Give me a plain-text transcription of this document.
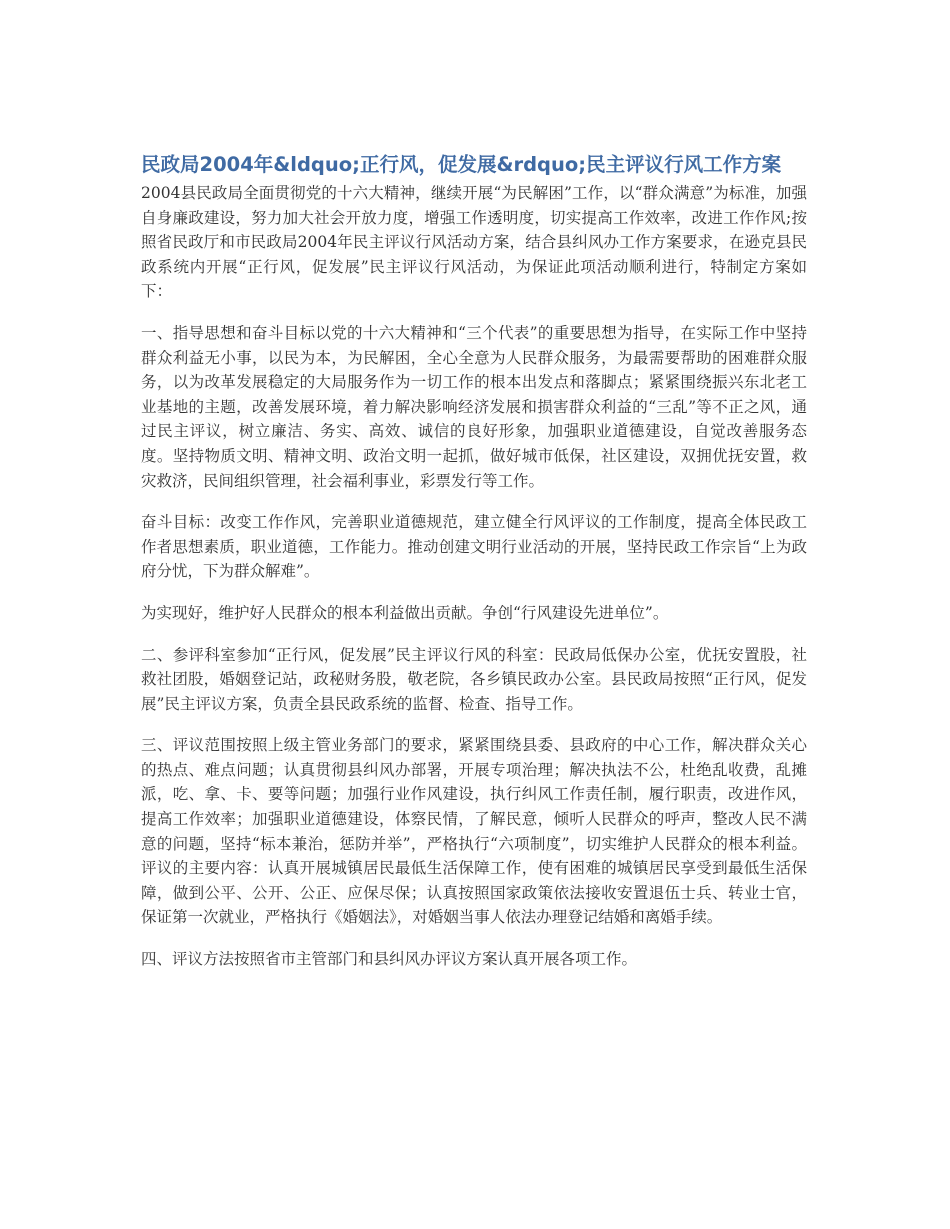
民政局2004年&ldquo;正行风，促发展&rdquo;民主评议行风工作方案

2004县民政局全面贯彻党的十六大精神，继续开展“为民解困”工作，以“群众满意”为标准，加强自身廉政建设，努力加大社会开放力度，增强工作透明度，切实提高工作效率，改进工作作风;按照省民政厅和市民政局2004年民主评议行风活动方案，结合县纠风办工作方案要求，在逊克县民政系统内开展“正行风，促发展”民主评议行风活动，为保证此项活动顺利进行，特制定方案如下：

一、指导思想和奋斗目标以党的十六大精神和“三个代表”的重要思想为指导，在实际工作中坚持群众利益无小事，以民为本，为民解困，全心全意为人民群众服务，为最需要帮助的困难群众服务，以为改革发展稳定的大局服务作为一切工作的根本出发点和落脚点；紧紧围绕振兴东北老工业基地的主题，改善发展环境，着力解决影响经济发展和损害群众利益的“三乱”等不正之风，通过民主评议，树立廉洁、务实、高效、诚信的良好形象，加强职业道德建设，自觉改善服务态度。坚持物质文明、精神文明、政治文明一起抓，做好城市低保，社区建设，双拥优抚安置，救灾救济，民间组织管理，社会福利事业，彩票发行等工作。

奋斗目标：改变工作作风，完善职业道德规范，建立健全行风评议的工作制度，提高全体民政工作者思想素质，职业道德，工作能力。推动创建文明行业活动的开展，坚持民政工作宗旨“上为政府分忧，下为群众解难”。

为实现好，维护好人民群众的根本利益做出贡献。争创“行风建设先进单位”。

二、参评科室参加“正行风，促发展”民主评议行风的科室：民政局低保办公室，优抚安置股，社救社团股，婚姻登记站，政秘财务股，敬老院，各乡镇民政办公室。县民政局按照“正行风，促发展”民主评议方案，负责全县民政系统的监督、检查、指导工作。

三、评议范围按照上级主管业务部门的要求，紧紧围绕县委、县政府的中心工作，解决群众关心的热点、难点问题；认真贯彻县纠风办部署，开展专项治理；解决执法不公，杜绝乱收费，乱摊派，吃、拿、卡、要等问题；加强行业作风建设，执行纠风工作责任制，履行职责，改进作风，提高工作效率；加强职业道德建设，体察民情，了解民意，倾听人民群众的呼声，整改人民不满意的问题，坚持“标本兼治，惩防并举”，严格执行“六项制度”，切实维护人民群众的根本利益。评议的主要内容：认真开展城镇居民最低生活保障工作，使有困难的城镇居民享受到最低生活保障，做到公平、公开、公正、应保尽保；认真按照国家政策依法接收安置退伍士兵、转业士官，保证第一次就业，严格执行《婚姻法》，对婚姻当事人依法办理登记结婚和离婚手续。

四、评议方法按照省市主管部门和县纠风办评议方案认真开展各项工作。
